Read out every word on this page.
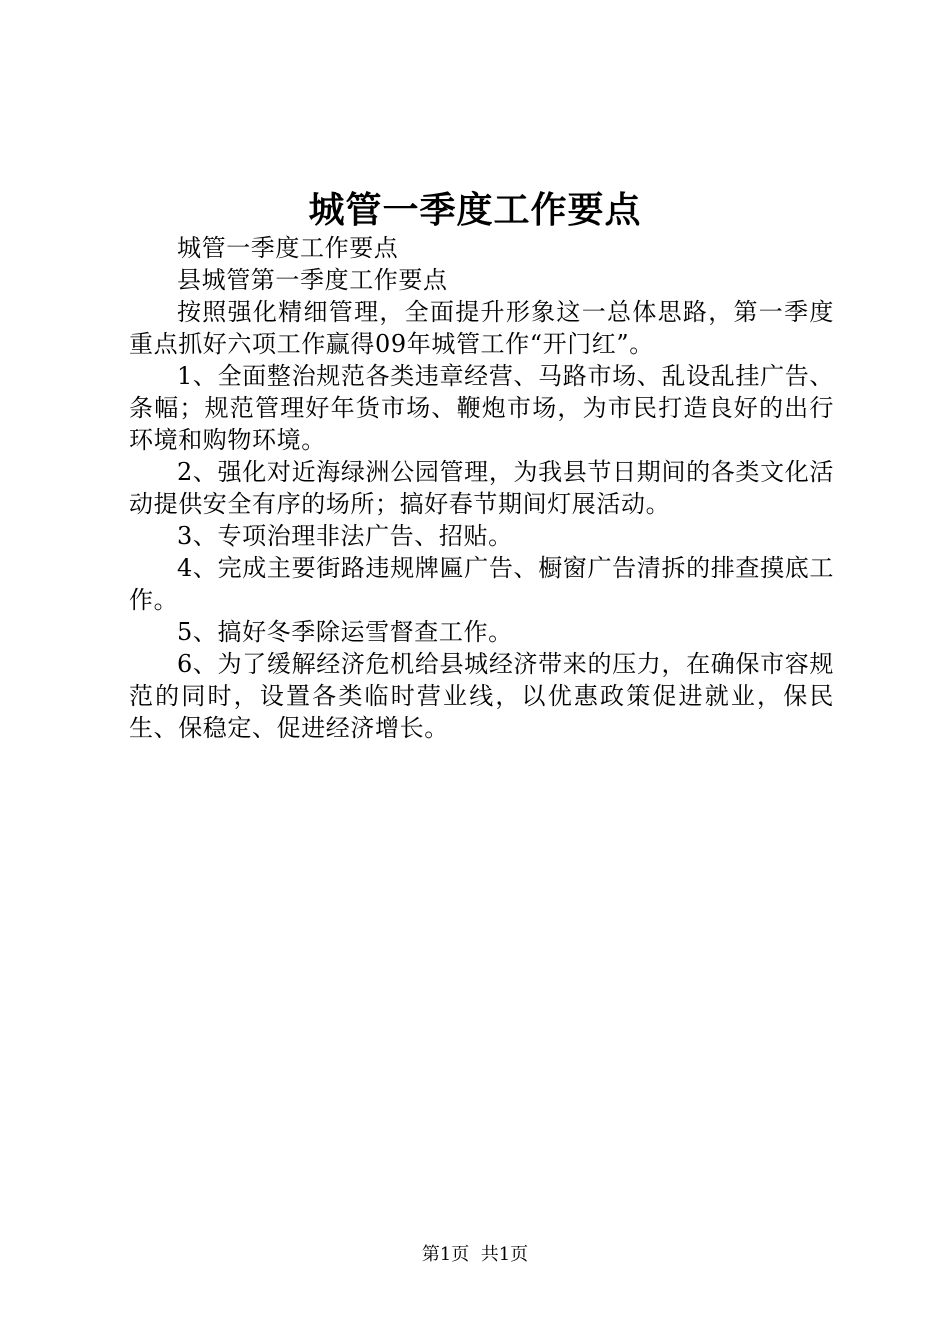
城管一季度工作要点

城管一季度工作要点

县城管第一季度工作要点

按照强化精细管理，全面提升形象这一总体思路，第一季度重点抓好六项工作赢得09年城管工作“开门红”。

1、全面整治规范各类违章经营、马路市场、乱设乱挂广告、条幅；规范管理好年货市场、鞭炮市场，为市民打造良好的出行环境和购物环境。

2、强化对近海绿洲公园管理，为我县节日期间的各类文化活动提供安全有序的场所；搞好春节期间灯展活动。

3、专项治理非法广告、招贴。

4、完成主要街路违规牌匾广告、橱窗广告清拆的排查摸底工作。

5、搞好冬季除运雪督查工作。

6、为了缓解经济危机给县城经济带来的压力，在确保市容规范的同时，设置各类临时营业线，以优惠政策促进就业，保民生、保稳定、促进经济增长。

第1页 共1页
